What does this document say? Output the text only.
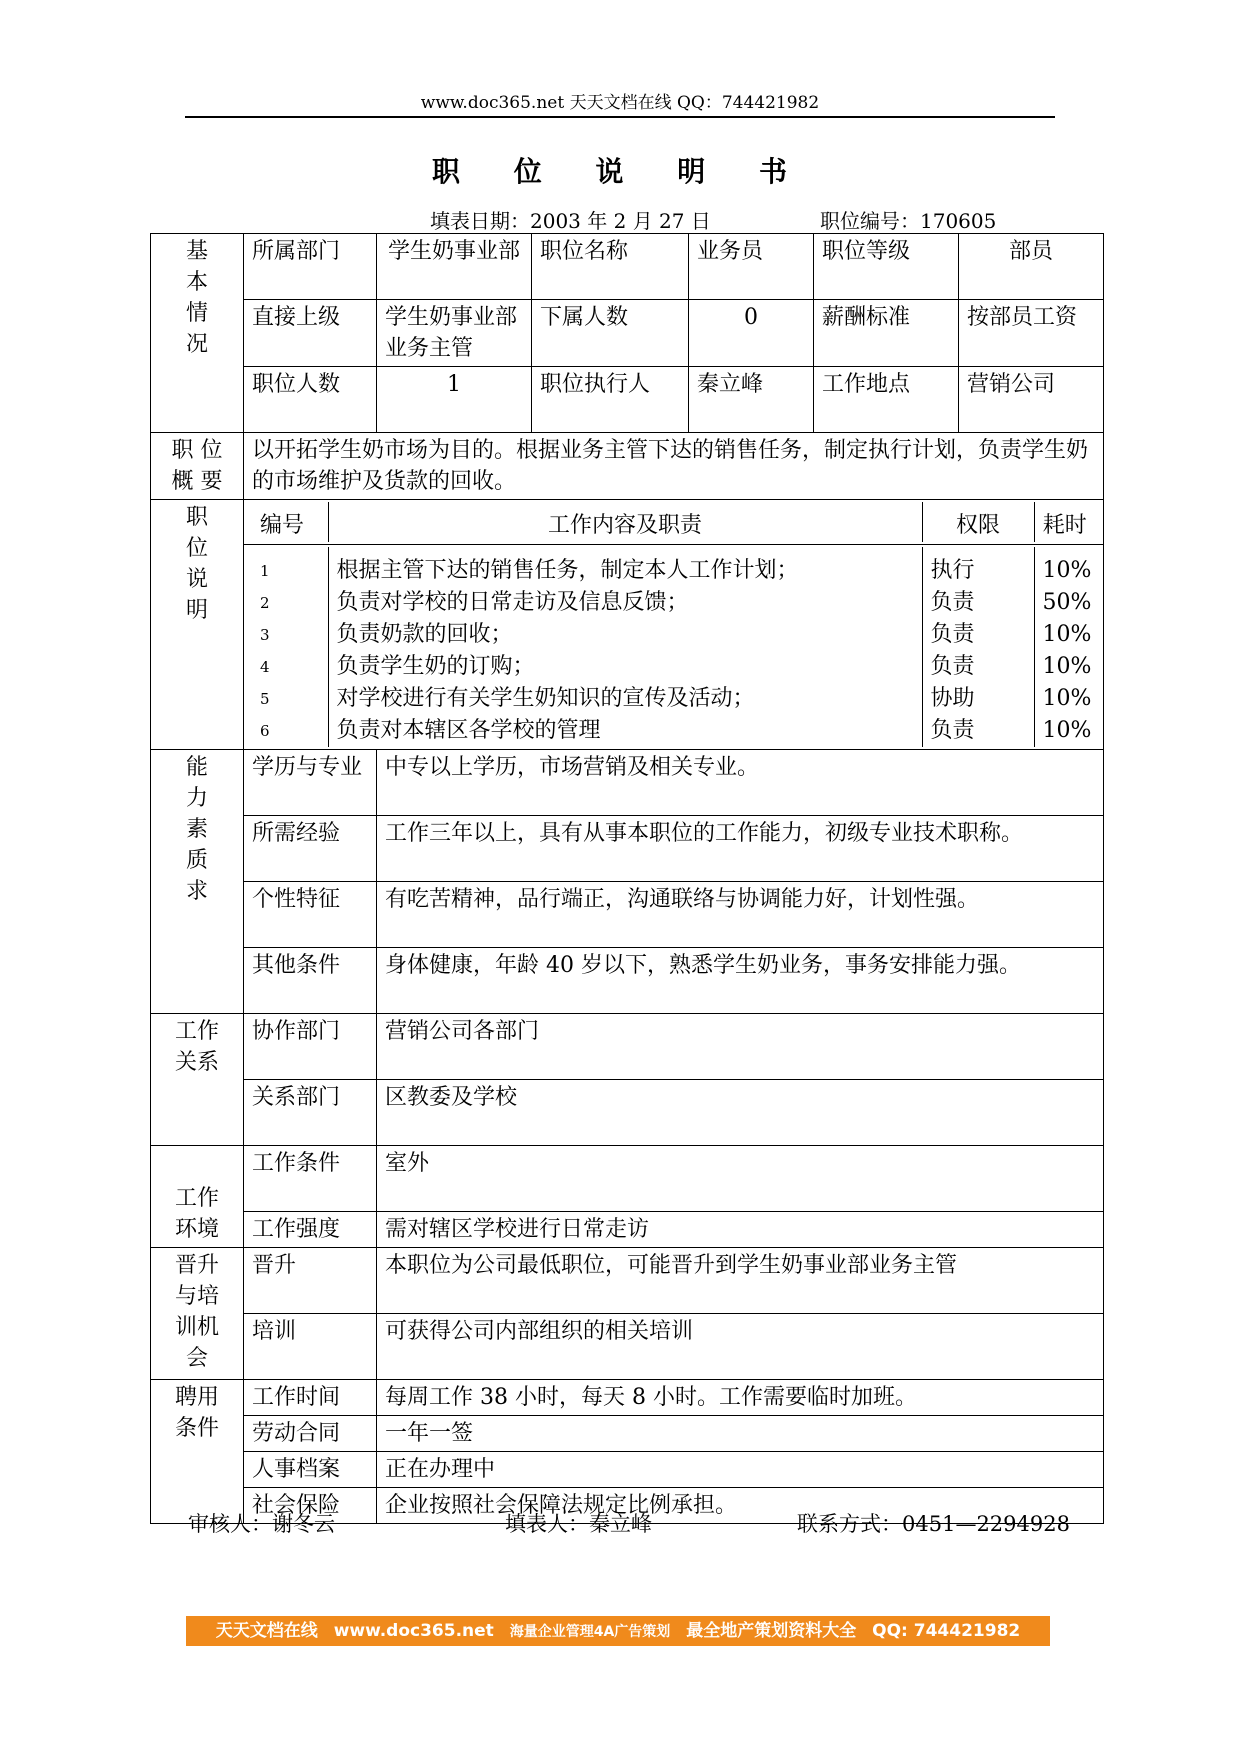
www.doc365.net 天天文档在线 QQ：744421982
职 位 说 明 书
填表日期：2003 年 2 月 27 日	职位编号：170605
基
本
情
况
	所属部门	学生奶事业部	职位名称	业务员	职位等级	部员
直接上级	学生奶事业部业务主管	下属人数	0	薪酬标准	按部员工资
职位人数	1	职位执行人	秦立峰	工作地点	营销公司

职 位
概 要
	以开拓学生奶市场为目的。根据业务主管下达的销售任务，制定执行计划，负责学生奶的市场维护及货款的回收。

职
位
说
明

编号	工作内容及职责	权限	耗时

1	根据主管下达的销售任务，制定本人工作计划；	执行	10%
2	负责对学校的日常走访及信息反馈；	负责	50%
3	负责奶款的回收；	负责	10%
4	负责学生奶的订购；	负责	10%
5	对学校进行有关学生奶知识的宣传及活动；	协助	10%
6	负责对本辖区各学校的管理	负责	10%

能
力
素
质
求
	学历与专业	中专以上学历，市场营销及相关专业。
所需经验	工作三年以上，具有从事本职位的工作能力，初级专业技术职称。
个性特征	有吃苦精神，品行端正，沟通联络与协调能力好，计划性强。
其他条件	身体健康，年龄 40 岁以下，熟悉学生奶业务，事务安排能力强。

工作
关系
	协作部门	营销公司各部门
关系部门	区教委及学校

工作
环境
	工作条件	室外
工作强度	需对辖区学校进行日常走访

晋升
与培
训机
会
	晋升	本职位为公司最低职位，可能晋升到学生奶事业部业务主管
培训	可获得公司内部组织的相关培训

聘用
条件
	工作时间	每周工作 38 小时，每天 8 小时。工作需要临时加班。
劳动合同	一年一签
人事档案	正在办理中
社会保险	企业按照社会保障法规定比例承担。
审核人：谢冬云	填表人：秦立峰	联系方式：0451—2294928
天天文档在线 www.doc365.net 海量企业管理4A广告策划 最全地产策划资料大全 QQ: 744421982
